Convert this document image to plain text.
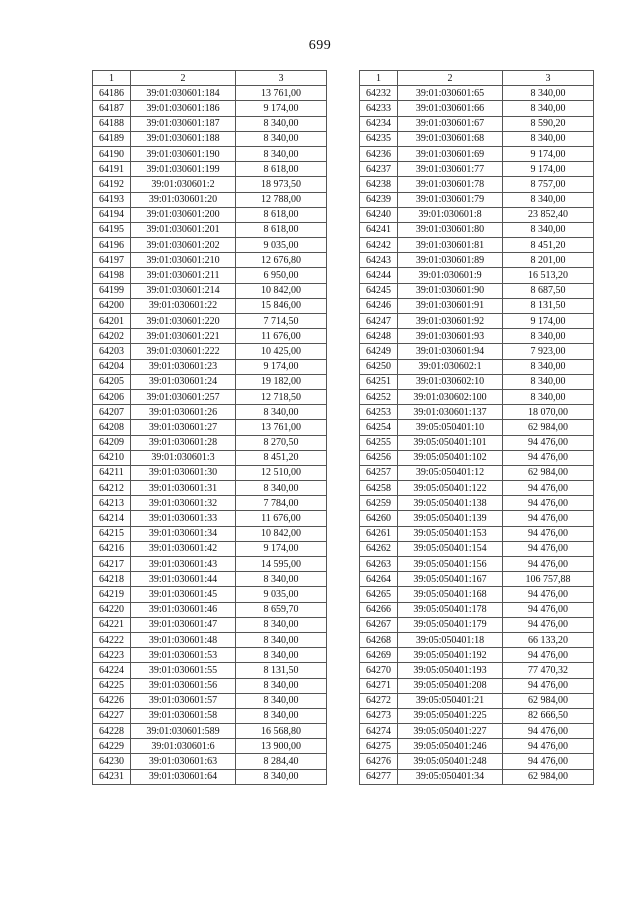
699
1	2	3
64186	39:01:030601:184	13 761,00
64187	39:01:030601:186	9 174,00
64188	39:01:030601:187	8 340,00
64189	39:01:030601:188	8 340,00
64190	39:01:030601:190	8 340,00
64191	39:01:030601:199	8 618,00
64192	39:01:030601:2	18 973,50
64193	39:01:030601:20	12 788,00
64194	39:01:030601:200	8 618,00
64195	39:01:030601:201	8 618,00
64196	39:01:030601:202	9 035,00
64197	39:01:030601:210	12 676,80
64198	39:01:030601:211	6 950,00
64199	39:01:030601:214	10 842,00
64200	39:01:030601:22	15 846,00
64201	39:01:030601:220	7 714,50
64202	39:01:030601:221	11 676,00
64203	39:01:030601:222	10 425,00
64204	39:01:030601:23	9 174,00
64205	39:01:030601:24	19 182,00
64206	39:01:030601:257	12 718,50
64207	39:01:030601:26	8 340,00
64208	39:01:030601:27	13 761,00
64209	39:01:030601:28	8 270,50
64210	39:01:030601:3	8 451,20
64211	39:01:030601:30	12 510,00
64212	39:01:030601:31	8 340,00
64213	39:01:030601:32	7 784,00
64214	39:01:030601:33	11 676,00
64215	39:01:030601:34	10 842,00
64216	39:01:030601:42	9 174,00
64217	39:01:030601:43	14 595,00
64218	39:01:030601:44	8 340,00
64219	39:01:030601:45	9 035,00
64220	39:01:030601:46	8 659,70
64221	39:01:030601:47	8 340,00
64222	39:01:030601:48	8 340,00
64223	39:01:030601:53	8 340,00
64224	39:01:030601:55	8 131,50
64225	39:01:030601:56	8 340,00
64226	39:01:030601:57	8 340,00
64227	39:01:030601:58	8 340,00
64228	39:01:030601:589	16 568,80
64229	39:01:030601:6	13 900,00
64230	39:01:030601:63	8 284,40
64231	39:01:030601:64	8 340,00
1	2	3
64232	39:01:030601:65	8 340,00
64233	39:01:030601:66	8 340,00
64234	39:01:030601:67	8 590,20
64235	39:01:030601:68	8 340,00
64236	39:01:030601:69	9 174,00
64237	39:01:030601:77	9 174,00
64238	39:01:030601:78	8 757,00
64239	39:01:030601:79	8 340,00
64240	39:01:030601:8	23 852,40
64241	39:01:030601:80	8 340,00
64242	39:01:030601:81	8 451,20
64243	39:01:030601:89	8 201,00
64244	39:01:030601:9	16 513,20
64245	39:01:030601:90	8 687,50
64246	39:01:030601:91	8 131,50
64247	39:01:030601:92	9 174,00
64248	39:01:030601:93	8 340,00
64249	39:01:030601:94	7 923,00
64250	39:01:030602:1	8 340,00
64251	39:01:030602:10	8 340,00
64252	39:01:030602:100	8 340,00
64253	39:01:030601:137	18 070,00
64254	39:05:050401:10	62 984,00
64255	39:05:050401:101	94 476,00
64256	39:05:050401:102	94 476,00
64257	39:05:050401:12	62 984,00
64258	39:05:050401:122	94 476,00
64259	39:05:050401:138	94 476,00
64260	39:05:050401:139	94 476,00
64261	39:05:050401:153	94 476,00
64262	39:05:050401:154	94 476,00
64263	39:05:050401:156	94 476,00
64264	39:05:050401:167	106 757,88
64265	39:05:050401:168	94 476,00
64266	39:05:050401:178	94 476,00
64267	39:05:050401:179	94 476,00
64268	39:05:050401:18	66 133,20
64269	39:05:050401:192	94 476,00
64270	39:05:050401:193	77 470,32
64271	39:05:050401:208	94 476,00
64272	39:05:050401:21	62 984,00
64273	39:05:050401:225	82 666,50
64274	39:05:050401:227	94 476,00
64275	39:05:050401:246	94 476,00
64276	39:05:050401:248	94 476,00
64277	39:05:050401:34	62 984,00
